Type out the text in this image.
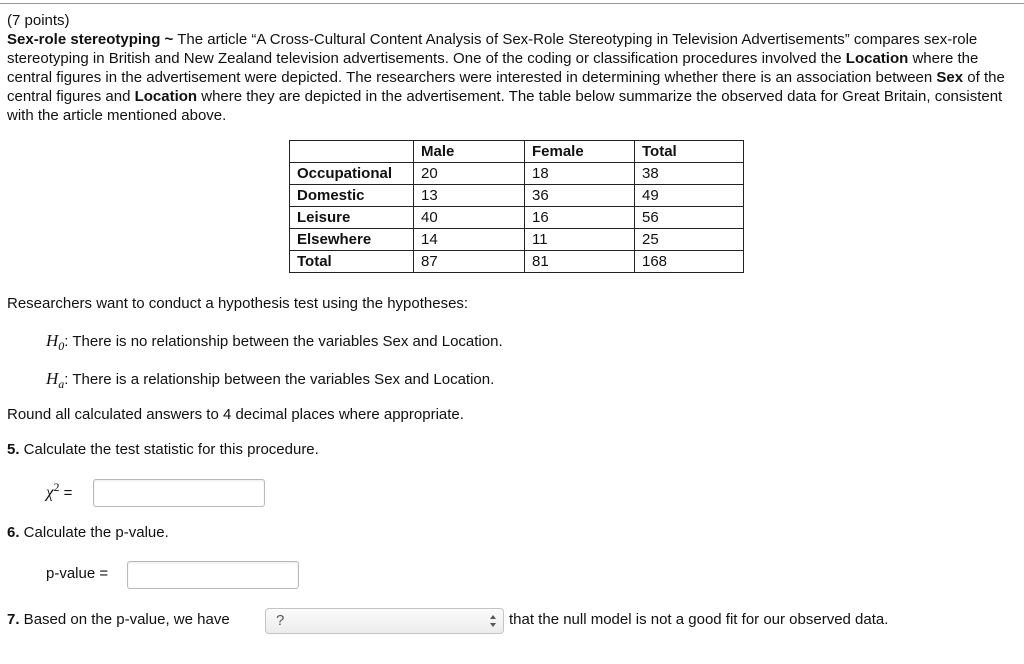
(7 points)
Sex-role stereotyping ~ The article “A Cross-Cultural Content Analysis of Sex-Role Stereotyping in Television Advertisements” compares sex-role stereotyping in British and New Zealand television advertisements. One of the coding or classification procedures involved the Location where the central figures in the advertisement were depicted. The researchers were interested in determining whether there is an association between Sex of the central figures and Location where they are depicted in the advertisement. The table below summarize the observed data for Great Britain, consistent with the article mentioned above.
	Male	Female	Total
Occupational	20	18	38
Domestic	13	36	49
Leisure	40	16	56
Elsewhere	14	11	25
Total	87	81	168
Researchers want to conduct a hypothesis test using the hypotheses:
$H_0$: There is no relationship between the variables Sex and Location.
$H_a$: There is a relationship between the variables Sex and Location.
Round all calculated answers to 4 decimal places where appropriate.
5. Calculate the test statistic for this procedure.
$\chi^2$ =
6. Calculate the p-value.
p-value =
7. Based on the p-value, we have	?	that the null model is not a good fit for our observed data.
